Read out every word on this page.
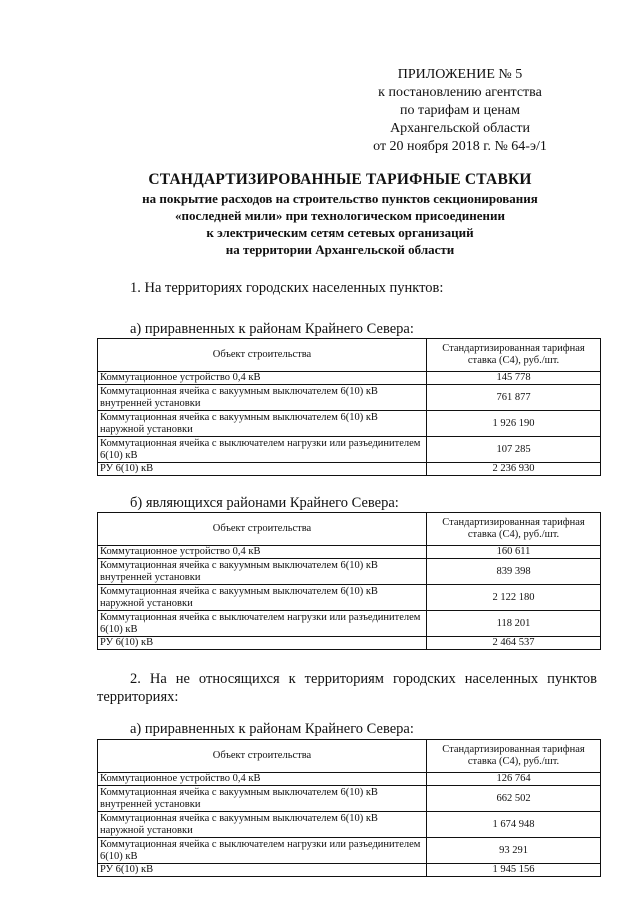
ПРИЛОЖЕНИЕ № 5
к постановлению агентства
по тарифам и ценам
Архангельской области
от 20 ноября 2018 г. № 64-э/1
СТАНДАРТИЗИРОВАННЫЕ ТАРИФНЫЕ СТАВКИ
на покрытие расходов на строительство пунктов секционирования
«последней мили» при технологическом присоединении
к электрическим сетям сетевых организаций
на территории Архангельской области
1. На территориях городских населенных пунктов:
а) приравненных к районам Крайнего Севера:
Объект строительства	Стандартизированная тарифная ставка (С4), руб./шт.
Коммутационное устройство 0,4 кВ	145 778
Коммутационная ячейка с вакуумным выключателем 6(10) кВ внутренней установки	761 877
Коммутационная ячейка с вакуумным выключателем 6(10) кВ наружной установки	1 926 190
Коммутационная ячейка с выключателем нагрузки или разъединителем 6(10) кВ	107 285
РУ 6(10) кВ	2 236 930
б) являющихся районами Крайнего Севера:
Объект строительства	Стандартизированная тарифная ставка (С4), руб./шт.
Коммутационное устройство 0,4 кВ	160 611
Коммутационная ячейка с вакуумным выключателем 6(10) кВ внутренней установки	839 398
Коммутационная ячейка с вакуумным выключателем 6(10) кВ наружной установки	2 122 180
Коммутационная ячейка с выключателем нагрузки или разъединителем 6(10) кВ	118 201
РУ 6(10) кВ	2 464 537
2. На не относящихся к территориям городских населенных пунктов территориях:
а) приравненных к районам Крайнего Севера:
Объект строительства	Стандартизированная тарифная ставка (С4), руб./шт.
Коммутационное устройство 0,4 кВ	126 764
Коммутационная ячейка с вакуумным выключателем 6(10) кВ внутренней установки	662 502
Коммутационная ячейка с вакуумным выключателем 6(10) кВ наружной установки	1 674 948
Коммутационная ячейка с выключателем нагрузки или разъединителем 6(10) кВ	93 291
РУ 6(10) кВ	1 945 156
